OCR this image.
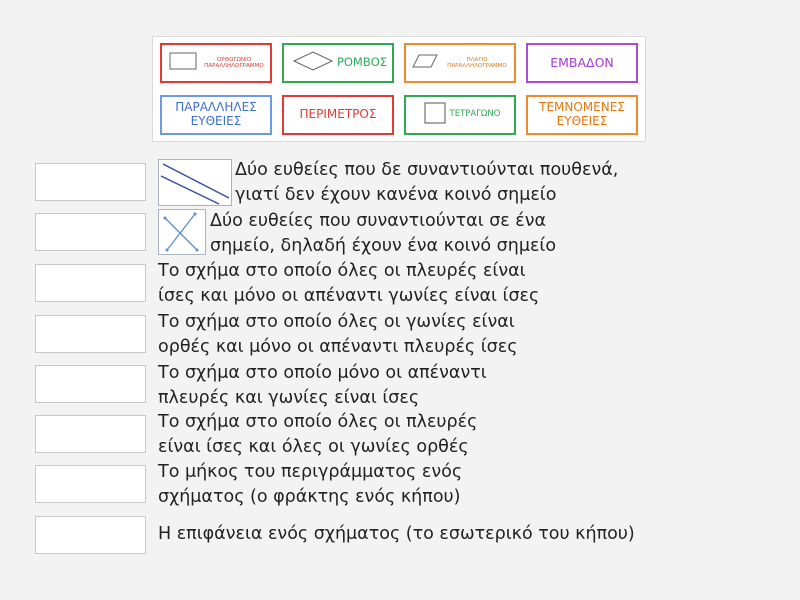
ΟΡΘΟΓΩΝΙΟ ΠΑΡΑΛΛΗΛΟΓΡΑΜΜΟ	ΡΟΜΒΟΣ	ΠΛΑΓΙΟ ΠΑΡΑΛΛΗΛΟΓΡΑΜΜΟ	ΕΜΒΑΔΟΝ
ΠΑΡΑΛΛΗΛΕΣ ΕΥΘΕΙΕΣ	ΠΕΡΙΜΕΤΡΟΣ	ΤΕΤΡΑΓΩΝΟ	ΤΕΜΝΟΜΕΝΕΣ ΕΥΘΕΙΕΣ
Δύο ευθείες που δε συναντιούνται πουθενά,
γιατί δεν έχουν κανένα κοινό σημείο
Δύο ευθείες που συναντιούνται σε ένα
σημείο, δηλαδή έχουν ένα κοινό σημείο
Το σχήμα στο οποίο όλες οι πλευρές είναι
ίσες και μόνο οι απέναντι γωνίες είναι ίσες
Το σχήμα στο οποίο όλες οι γωνίες είναι
ορθές και μόνο οι απέναντι πλευρές ίσες
Το σχήμα στο οποίο μόνο οι απέναντι
πλευρές και γωνίες είναι ίσες
Το σχήμα στο οποίο όλες οι πλευρές
είναι ίσες και όλες οι γωνίες ορθές
Το μήκος του περιγράμματος ενός
σχήματος (ο φράκτης ενός κήπου)
Η επιφάνεια ενός σχήματος (το εσωτερικό του κήπου)
